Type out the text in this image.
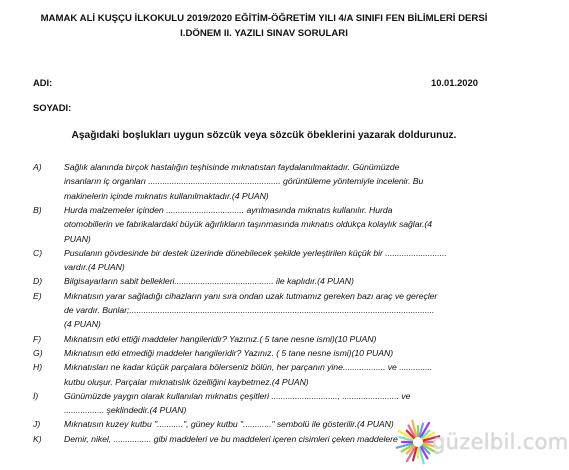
MAMAK ALİ KUŞÇU İLKOKULU 2019/2020 EĞİTİM-ÖĞRETİM YILI 4/A SINIFI FEN BİLİMLERİ DERSİ
I.DÖNEM II. YAZILI SINAV SORULARI
ADI:	10.01.2020
SOYADI:
Aşağıdaki boşlukları uygun sözcük veya sözcük öbeklerini yazarak doldurunuz.
A)	Sağlık alanında birçok hastalığın teşhisinde mıknatıstan faydalanılmaktadır. Günümüzde
insanların iç organları ........................................................ görüntüleme yöntemiyle incelenir. Bu
makinelerin içinde mıknatıs kullanılmaktadır.(4 PUAN)
B)	Hurda malzemeler içinden ................................. ayrılmasında mıknatıs kullanılır. Hurda
otomobillerin ve fabrikalardaki büyük ağırlıkların taşınmasında mıknatıs oldukça kolaylık sağlar.(4
PUAN)
C)	Pusulanın gövdesinde bir destek üzerinde dönebilecek şekilde yerleştirilen küçük bir ..........................
vardır.(4 PUAN)
D)	Bilgisayarların sabit bellekleri.......................................... ile kaplıdır.(4 PUAN)
E)	Mıknatısın yarar sağladığı cihazların yanı sıra ondan uzak tutmamız gereken bazı araç ve gereçler
de vardır. Bunlar;.................................................................................................................................
(4 PUAN)
F)	Mıknatısın etki ettiği maddeler hangileridir? Yazınız.( 5 tane nesne ismi)(10 PUAN)
G) Mıknatısın etki etmediği maddeler hangileridir? Yazınız. ( 5 tane nesne ismi)(10 PUAN)
H)	Mıknatısları ne kadar küçük parçalara bölerseniz bölün, her parçanın yine.................. ve ..............
kutbu oluşur. Parçalar mıknatıslık özelliğini kaybetmez.(4 PUAN)
İ)	Günümüzde yaygın olarak kullanılan mıknatıs çeşitleri ............................, ........................ ve
................. şeklindedir.(4 PUAN)
J)	Mıknatısın kuzey kutbu "...........", güney kutbu "............" sembolü ile gösterilir.(4 PUAN)
K)	Demir, nikel, ................ gibi maddeleri ve bu maddeleri içeren cisimleri çeken maddelere güzelbil.com
